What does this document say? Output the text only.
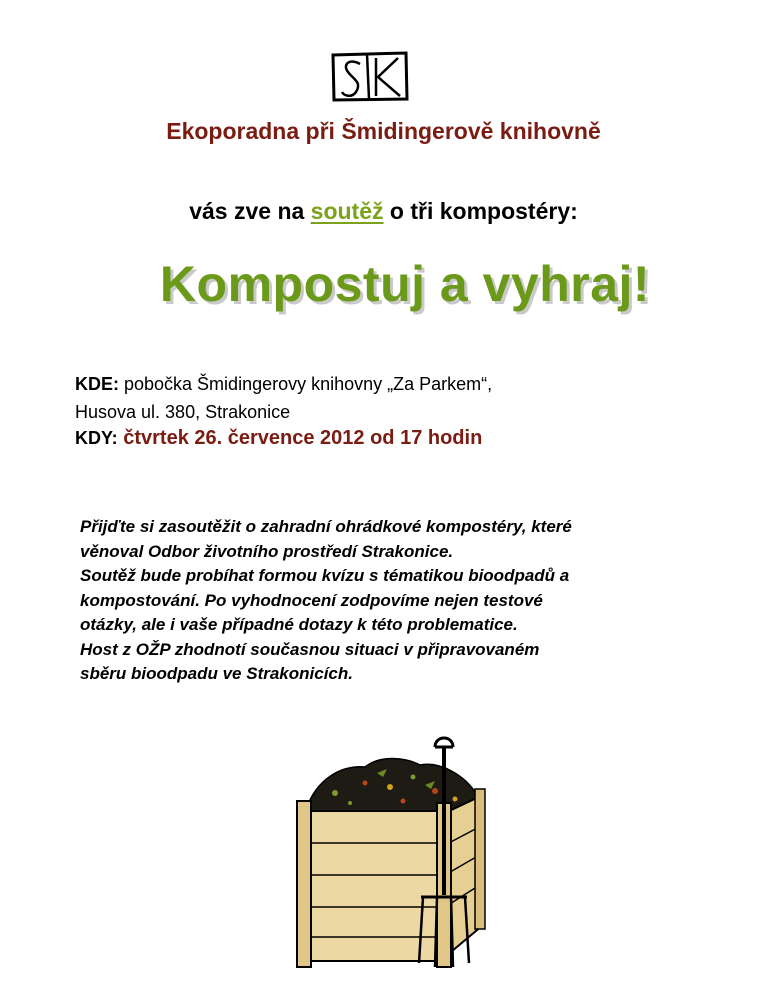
Ekoporadna při Šmidingerově knihovně
vás zve na soutěž o tři kompostéry:
Kompostuj a vyhraj!
KDE: pobočka Šmidingerovy knihovny „Za Parkem“,
Husova ul. 380, Strakonice
KDY: čtvrtek 26. července 2012 od 17 hodin

Přijďte si zasoutěžit o zahradní ohrádkové kompostéry, které

věnoval Odbor životního prostředí Strakonice.

Soutěž bude probíhat formou kvízu s tématikou bioodpadů a

kompostování. Po vyhodnocení zodpovíme nejen testové

otázky, ale i vaše případné dotazy k této problematice.

Host z OŽP zhodnotí současnou situaci v připravovaném

sběru bioodpadu ve Strakonicích.
